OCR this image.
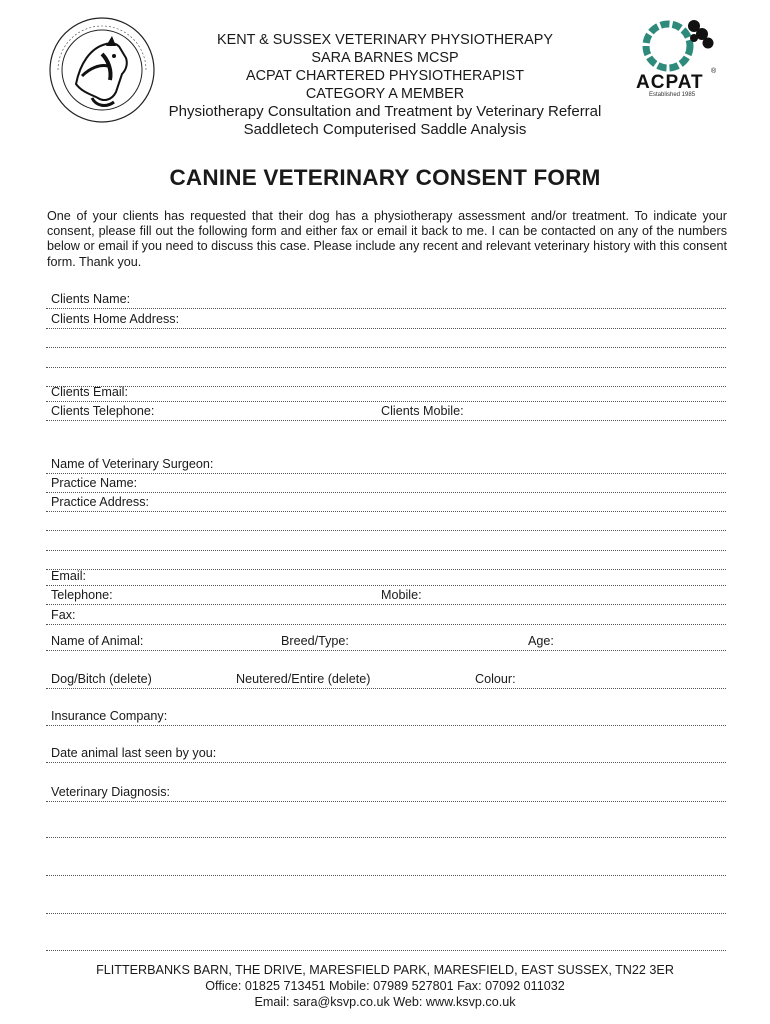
ACPAT
®
Established 1985
KENT & SUSSEX VETERINARY PHYSIOTHERAPY
SARA BARNES MCSP
ACPAT CHARTERED PHYSIOTHERAPIST
CATEGORY A MEMBER
Physiotherapy Consultation and Treatment by Veterinary Referral
Saddletech Computerised Saddle Analysis
CANINE VETERINARY CONSENT FORM
One of your clients has requested that their dog has a physiotherapy assessment and/or treatment. To indicate your consent, please fill out the following form and either fax or email it back to me. I can be contacted on any of the numbers below or email if you need to discuss this case. Please include any recent and relevant veterinary history with this consent form. Thank you.
Clients Name:
Clients Home Address:
Clients Email:
Clients Telephone:	Clients Mobile:
Name of Veterinary Surgeon:
Practice Name:
Practice Address:
Email:
Telephone:	Mobile:
Fax:
Name of Animal:	Breed/Type:	Age:
Dog/Bitch (delete)	Neutered/Entire (delete)	Colour:
Insurance Company:
Date animal last seen by you:
Veterinary Diagnosis:
FLITTERBANKS BARN, THE DRIVE, MARESFIELD PARK, MARESFIELD, EAST SUSSEX, TN22 3ER
Office: 01825 713451 Mobile: 07989 527801 Fax: 07092 011032
Email: sara@ksvp.co.uk Web: www.ksvp.co.uk
